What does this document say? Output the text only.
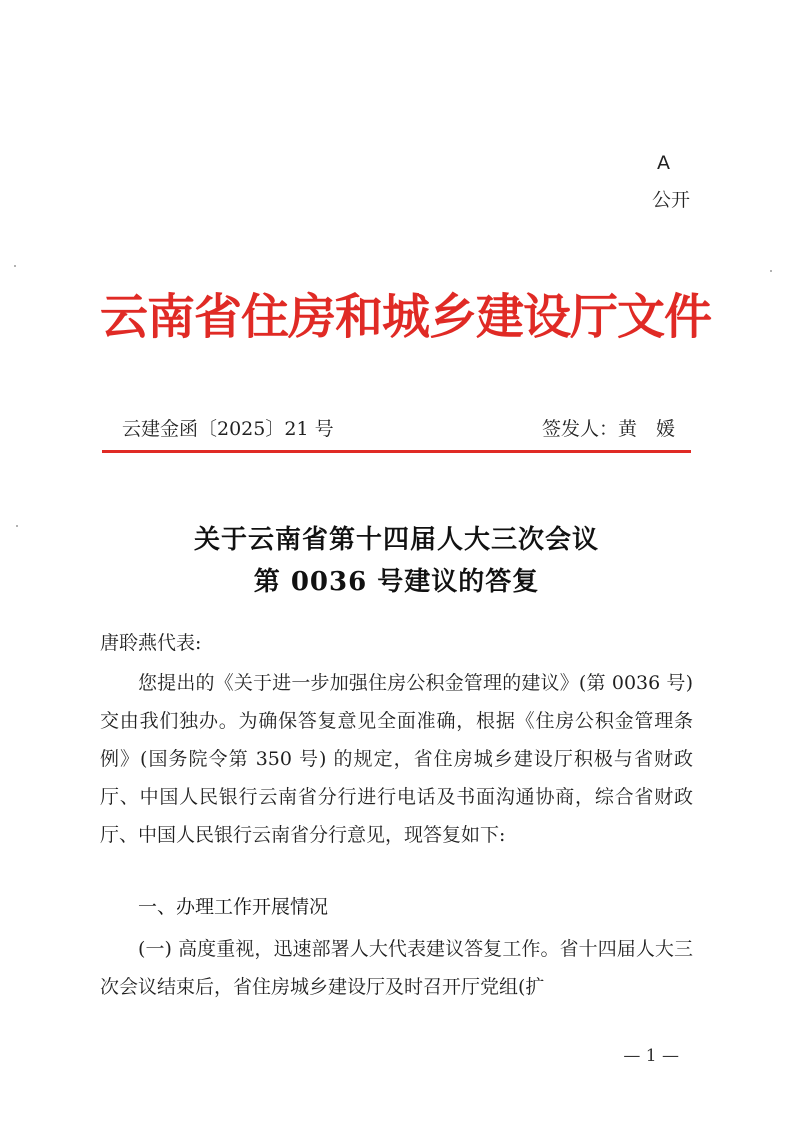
A
公开
云南省住房和城乡建设厅文件
云建金函〔2025〕21 号	签发人：黄　媛
关于云南省第十四届人大三次会议
第 0036 号建议的答复
唐聆燕代表:
您提出的《关于进一步加强住房公积金管理的建议》(第 0036 号) 交由我们独办。为确保答复意见全面准确，根据《住房公积金管理条例》(国务院令第 350 号) 的规定，省住房城乡建设厅积极与省财政厅、中国人民银行云南省分行进行电话及书面沟通协商，综合省财政厅、中国人民银行云南省分行意见，现答复如下:
一、办理工作开展情况
(一) 高度重视，迅速部署人大代表建议答复工作。省十四届人大三次会议结束后，省住房城乡建设厅及时召开厅党组(扩
— 1 —
